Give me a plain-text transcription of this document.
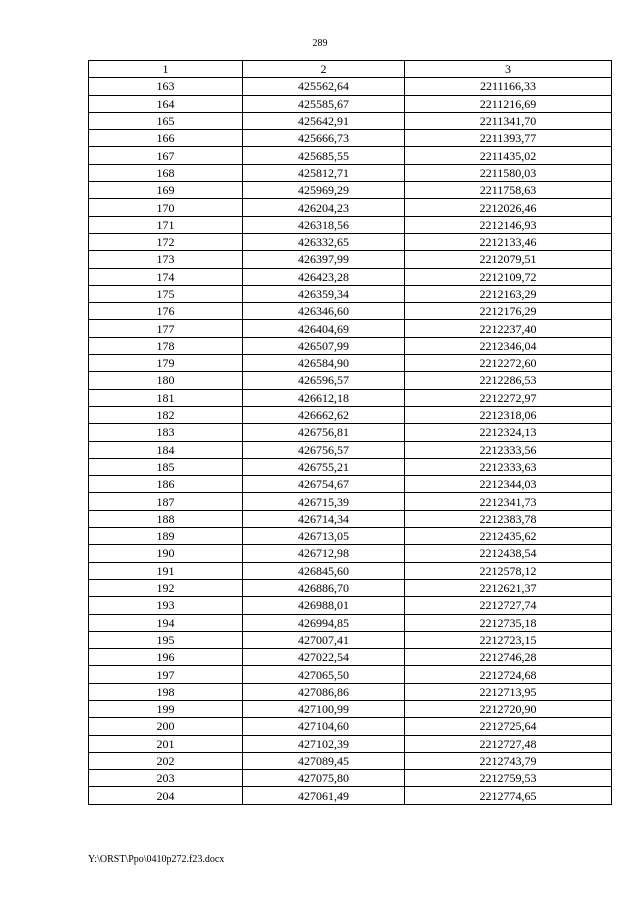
289
1	2	3
163	425562,64	2211166,33
164	425585,67	2211216,69
165	425642,91	2211341,70
166	425666,73	2211393,77
167	425685,55	2211435,02
168	425812,71	2211580,03
169	425969,29	2211758,63
170	426204,23	2212026,46
171	426318,56	2212146,93
172	426332,65	2212133,46
173	426397,99	2212079,51
174	426423,28	2212109,72
175	426359,34	2212163,29
176	426346,60	2212176,29
177	426404,69	2212237,40
178	426507,99	2212346,04
179	426584,90	2212272,60
180	426596,57	2212286,53
181	426612,18	2212272,97
182	426662,62	2212318,06
183	426756,81	2212324,13
184	426756,57	2212333,56
185	426755,21	2212333,63
186	426754,67	2212344,03
187	426715,39	2212341,73
188	426714,34	2212383,78
189	426713,05	2212435,62
190	426712,98	2212438,54
191	426845,60	2212578,12
192	426886,70	2212621,37
193	426988,01	2212727,74
194	426994,85	2212735,18
195	427007,41	2212723,15
196	427022,54	2212746,28
197	427065,50	2212724,68
198	427086,86	2212713,95
199	427100,99	2212720,90
200	427104,60	2212725,64
201	427102,39	2212727,48
202	427089,45	2212743,79
203	427075,80	2212759,53
204	427061,49	2212774,65
Y:\ORST\Ppo\0410p272.f23.docx
